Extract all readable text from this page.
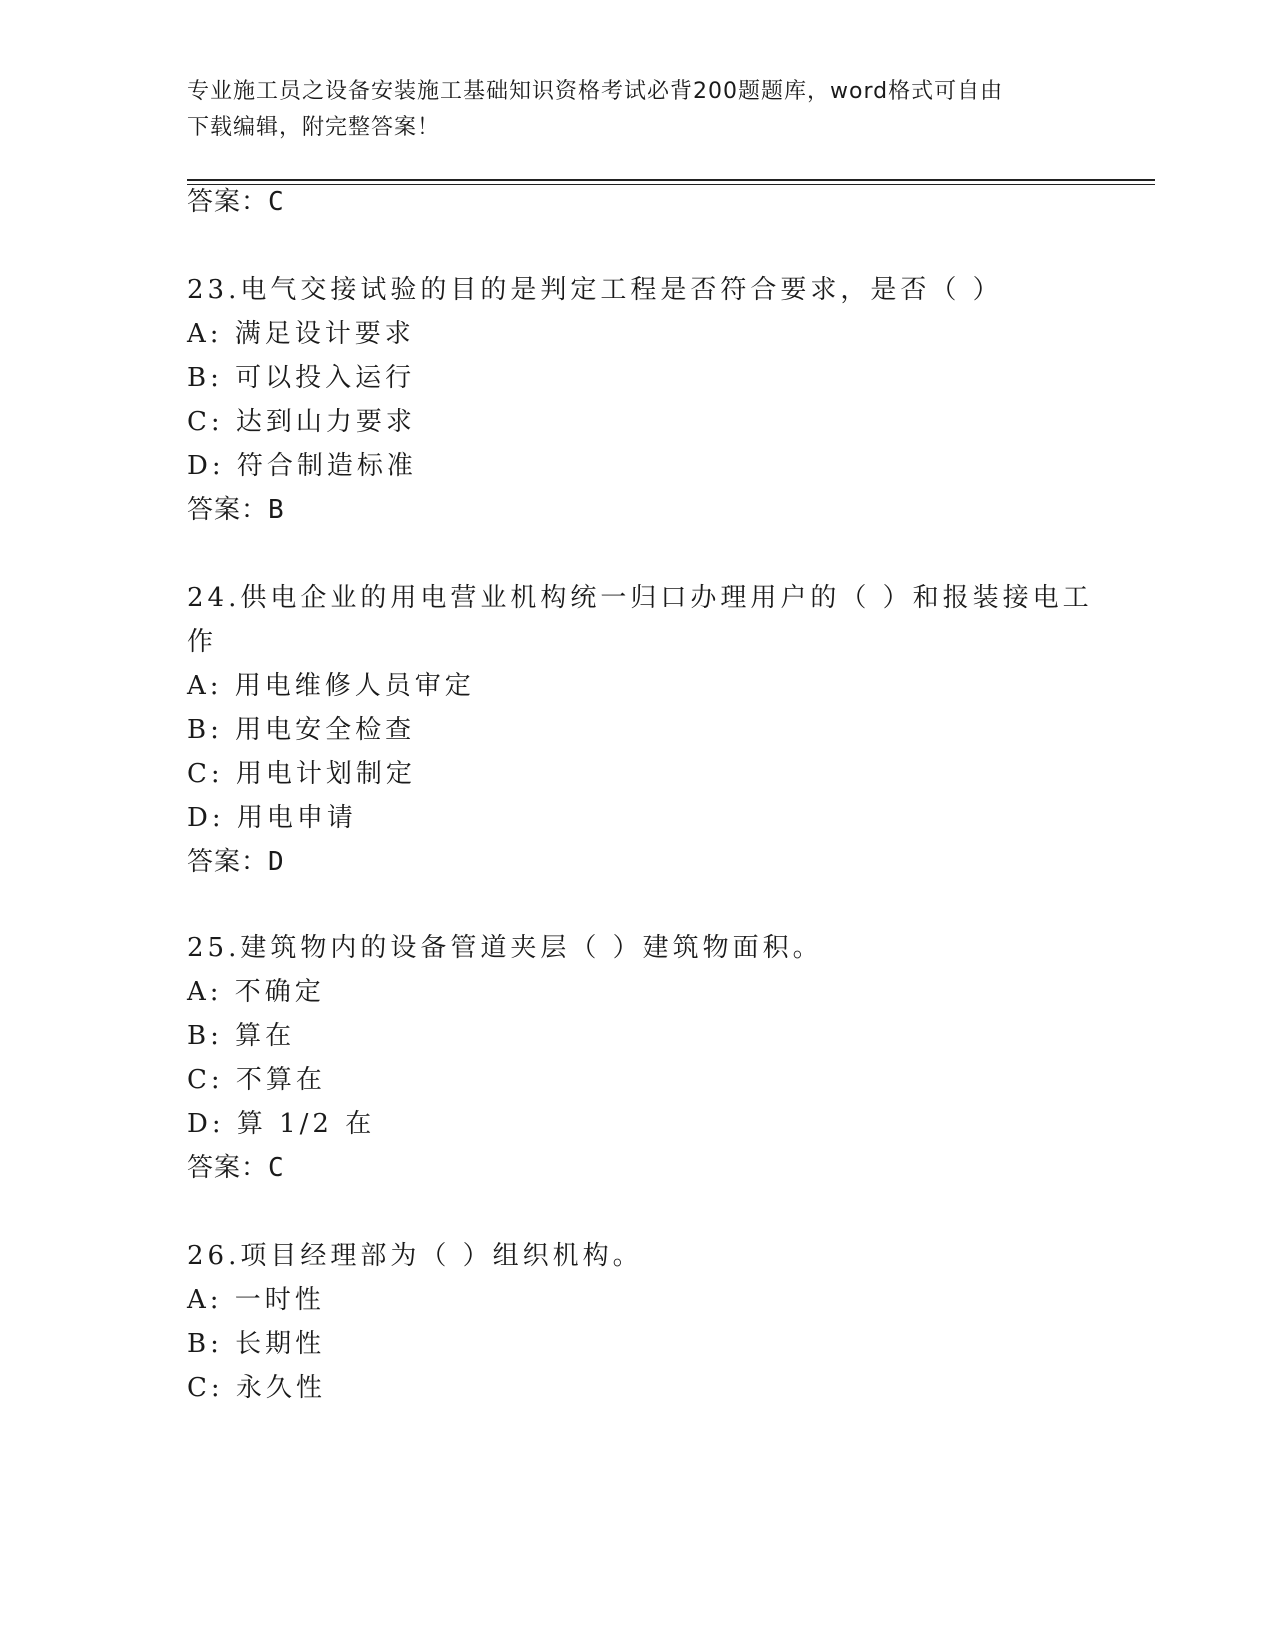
专业施工员之设备安装施工基础知识资格考试必背200题题库，word格式可自由
下载编辑，附完整答案！
答案：C
23.电气交接试验的目的是判定工程是否符合要求，是否（ ）
A: 满足设计要求
B: 可以投入运行
C: 达到山力要求
D: 符合制造标准
答案：B
24.供电企业的用电营业机构统一归口办理用户的（ ）和报装接电工
作
A: 用电维修人员审定
B: 用电安全检查
C: 用电计划制定
D: 用电申请
答案：D
25.建筑物内的设备管道夹层（ ）建筑物面积。
A: 不确定
B: 算在
C: 不算在
D: 算 1/2 在
答案：C
26.项目经理部为（ ）组织机构。
A: 一时性
B: 长期性
C: 永久性
